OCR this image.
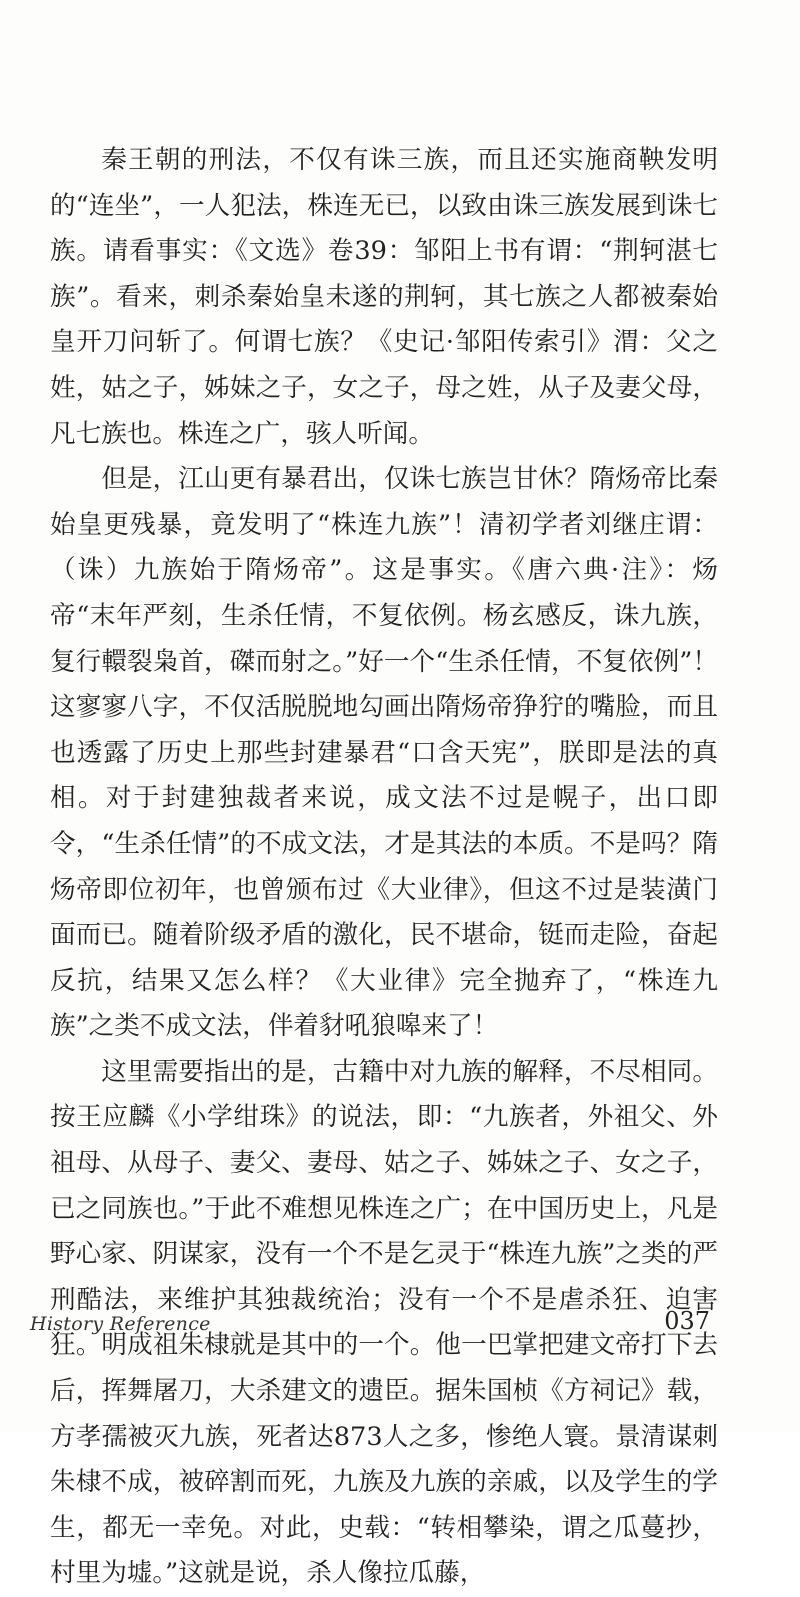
秦王朝的刑法，不仅有诛三族，而且还实施商鞅发明的“连坐”，一人犯法，株连无已，以致由诛三族发展到诛七族。请看事实：《文选》卷39：邹阳上书有谓：“荆轲湛七族”。看来，刺杀秦始皇未遂的荆轲，其七族之人都被秦始皇开刀问斩了。何谓七族？《史记·邹阳传索引》渭：父之姓，姑之子，姊妹之子，女之子，母之姓，从子及妻父母，凡七族也。株连之广，骇人听闻。

但是，江山更有暴君出，仅诛七族岂甘休？隋炀帝比秦始皇更残暴，竟发明了“株连九族”！清初学者刘继庄谓：（诛）九族始于隋炀帝”。这是事实。《唐六典·注》：炀帝“末年严刻，生杀任情，不复依例。杨玄感反，诛九族，复行轘裂枭首，磔而射之。”好一个“生杀任情，不复依例”！这寥寥八字，不仅活脱脱地勾画出隋炀帝狰狞的嘴脸，而且也透露了历史上那些封建暴君“口含天宪”，朕即是法的真相。对于封建独裁者来说，成文法不过是幌子，出口即令，“生杀任情”的不成文法，才是其法的本质。不是吗？隋炀帝即位初年，也曾颁布过《大业律》，但这不过是装潢门面而已。随着阶级矛盾的激化，民不堪命，铤而走险，奋起反抗，结果又怎么样？《大业律》完全抛弃了，“株连九族”之类不成文法，伴着豺吼狼嗥来了！

这里需要指出的是，古籍中对九族的解释，不尽相同。按王应麟《小学绀珠》的说法，即：“九族者，外祖父、外祖母、从母子、妻父、妻母、姑之子、姊妹之子、女之子，已之同族也。”于此不难想见株连之广；在中国历史上，凡是野心家、阴谋家，没有一个不是乞灵于“株连九族”之类的严刑酷法，来维护其独裁统治；没有一个不是虐杀狂、迫害狂。明成祖朱棣就是其中的一个。他一巴掌把建文帝打下去后，挥舞屠刀，大杀建文的遗臣。据朱国桢《方祠记》载，方孝孺被灭九族，死者达873人之多，惨绝人寰。景清谋刺朱棣不成，被碎割而死，九族及九族的亲戚，以及学生的学生，都无一幸免。对此，史载：“转相攀染，谓之瓜蔓抄，村里为墟。”这就是说，杀人像拉瓜藤，

History Reference	037
